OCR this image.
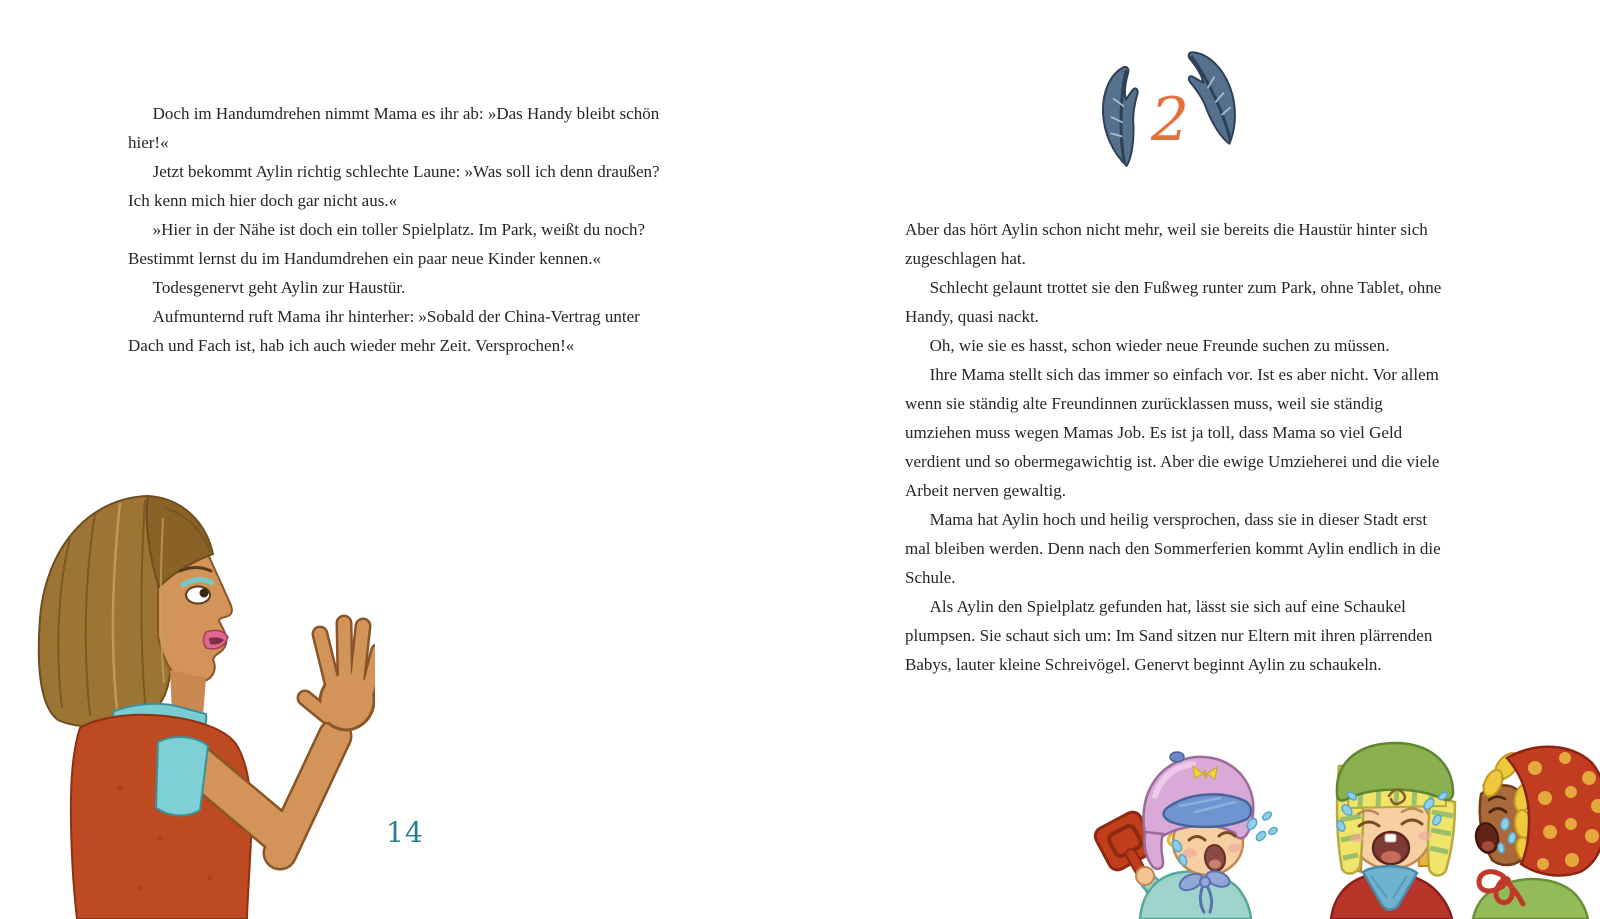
Doch im Handumdrehen nimmt Mama es ihr ab: »Das Handy bleibt schön hier!«

Jetzt bekommt Aylin richtig schlechte Laune: »Was soll ich denn draußen? Ich kenn mich hier doch gar nicht aus.«

»Hier in der Nähe ist doch ein toller Spielplatz. Im Park, weißt du noch? Bestimmt lernst du im Handumdrehen ein paar neue Kinder kennen.«

Todesgenervt geht Aylin zur Haustür.

Aufmunternd ruft Mama ihr hinterher: »Sobald der China-Vertrag unter Dach und Fach ist, hab ich auch wieder mehr Zeit. Versprochen!«

14
2

Aber das hört Aylin schon nicht mehr, weil sie bereits die Haustür hinter sich zugeschlagen hat.

Schlecht gelaunt trottet sie den Fußweg runter zum Park, ohne Tablet, ohne Handy, quasi nackt.

Oh, wie sie es hasst, schon wieder neue Freunde suchen zu müssen.

Ihre Mama stellt sich das immer so einfach vor. Ist es aber nicht. Vor allem wenn sie ständig alte Freundinnen zurücklassen muss, weil sie ständig umziehen muss wegen Mamas Job. Es ist ja toll, dass Mama so viel Geld verdient und so obermegawichtig ist. Aber die ewige Umzieherei und die viele Arbeit nerven gewaltig.

Mama hat Aylin hoch und heilig versprochen, dass sie in dieser Stadt erst mal bleiben werden. Denn nach den Sommerferien kommt Aylin endlich in die Schule.

Als Aylin den Spielplatz gefunden hat, lässt sie sich auf eine Schaukel plumpsen. Sie schaut sich um: Im Sand sitzen nur Eltern mit ihren plärrenden Babys, lauter kleine Schreivögel. Genervt beginnt Aylin zu schaukeln.
